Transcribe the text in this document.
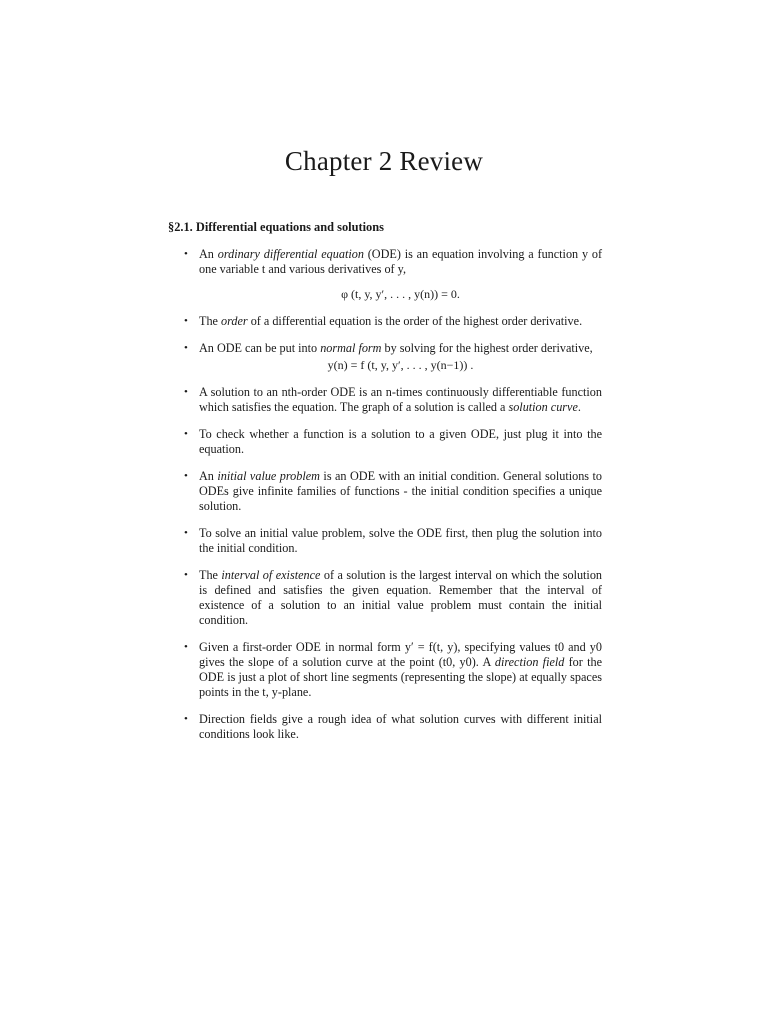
Chapter 2 Review
§2.1. Differential equations and solutions
• An ordinary differential equation (ODE) is an equation involving a function y of one variable t and various derivatives of y,
φ (t, y, y′, . . . , y(n)) = 0.
• The order of a differential equation is the order of the highest order derivative.
• An ODE can be put into normal form by solving for the highest order derivative,
y(n) = f (t, y, y′, . . . , y(n−1)) .
• A solution to an nth-order ODE is an n-times continuously differentiable function which satisfies the equation. The graph of a solution is called a solution curve.
• To check whether a function is a solution to a given ODE, just plug it into the equation.
• An initial value problem is an ODE with an initial condition. General solutions to ODEs give infinite families of functions - the initial condition specifies a unique solution.
• To solve an initial value problem, solve the ODE first, then plug the solution into the initial condition.
• The interval of existence of a solution is the largest interval on which the solution is defined and satisfies the given equation. Remember that the interval of existence of a solution to an initial value problem must contain the initial condition.
• Given a first-order ODE in normal form y′ = f(t, y), specifying values t0 and y0 gives the slope of a solution curve at the point (t0, y0). A direction field for the ODE is just a plot of short line segments (representing the slope) at equally spaces points in the t, y-plane.
• Direction fields give a rough idea of what solution curves with different initial conditions look like.
